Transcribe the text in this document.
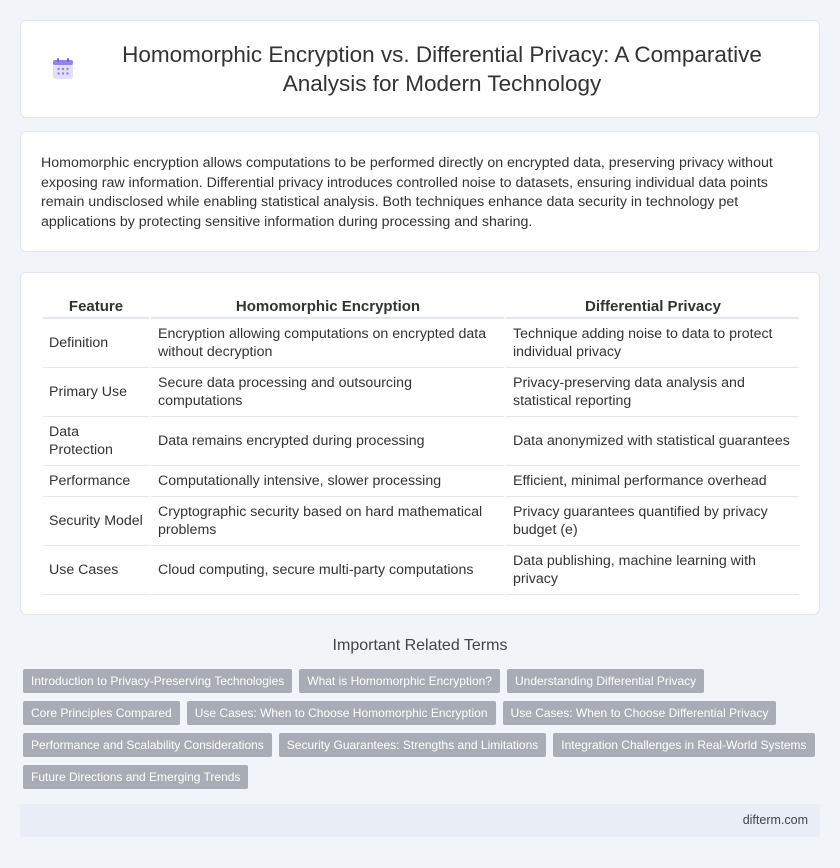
Homomorphic Encryption vs. Differential Privacy: A Comparative Analysis for Modern Technology

Homomorphic encryption allows computations to be performed directly on encrypted data, preserving privacy without exposing raw information. Differential privacy introduces controlled noise to datasets, ensuring individual data points remain undisclosed while enabling statistical analysis. Both techniques enhance data security in technology pet applications by protecting sensitive information during processing and sharing.

Feature	Homomorphic Encryption	Differential Privacy
Definition	Encryption allowing computations on encrypted data without decryption	Technique adding noise to data to protect individual privacy
Primary Use	Secure data processing and outsourcing computations	Privacy-preserving data analysis and statistical reporting
Data Protection	Data remains encrypted during processing	Data anonymized with statistical guarantees
Performance	Computationally intensive, slower processing	Efficient, minimal performance overhead
Security Model	Cryptographic security based on hard mathematical problems	Privacy guarantees quantified by privacy budget (e)
Use Cases	Cloud computing, secure multi-party computations	Data publishing, machine learning with privacy
Important Related Terms
Introduction to Privacy-Preserving Technologies	What is Homomorphic Encryption?	Understanding Differential Privacy
Core Principles Compared	Use Cases: When to Choose Homomorphic Encryption	Use Cases: When to Choose Differential Privacy
Performance and Scalability Considerations	Security Guarantees: Strengths and Limitations	Integration Challenges in Real-World Systems
Future Directions and Emerging Trends
difterm.com
